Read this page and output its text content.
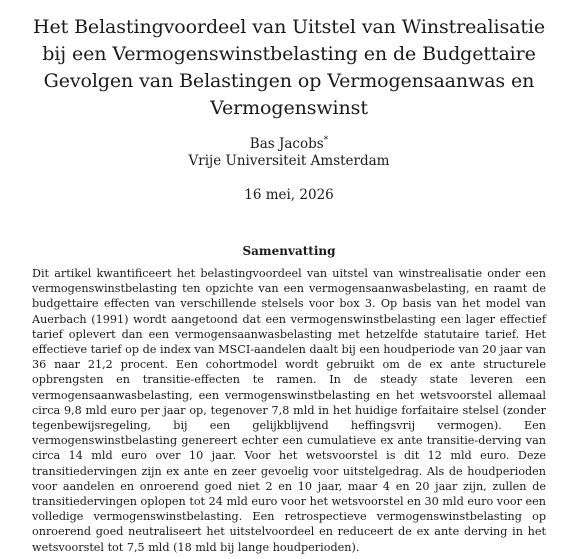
Het Belastingvoordeel van Uitstel van Winstrealisatie bij een Vermogenswinstbelasting en de Budgettaire Gevolgen van Belastingen op Vermogensaanwas en Vermogenswinst
Bas Jacobs*
Vrije Universiteit Amsterdam
16 mei, 2026
Samenvatting

Dit artikel kwantificeert het belastingvoordeel van uitstel van winstrealisatie onder een vermogenswinstbelasting ten opzichte van een vermogensaanwasbelasting, en raamt de budgettaire effecten van verschillende stelsels voor box 3. Op basis van het model van Auerbach (1991) wordt aangetoond dat een vermogenswinstbelasting een lager effectief tarief oplevert dan een vermogensaanwasbelasting met hetzelfde statutaire tarief. Het effectieve tarief op de index van MSCI-aandelen daalt bij een houdperiode van 20 jaar van 36 naar 21,2 procent. Een cohortmodel wordt gebruikt om de ex ante structurele opbrengsten en transitie-effecten te ramen. In de steady state leveren een vermogensaanwasbelasting, een vermogenswinstbelasting en het wetsvoorstel allemaal circa 9,8 mld euro per jaar op, tegenover 7,8 mld in het huidige forfaitaire stelsel (zonder tegenbewijsregeling, bij een gelijkblijvend heffingsvrij vermogen). Een vermogenswinstbelasting genereert echter een cumulatieve ex ante transitie-derving van circa 14 mld euro over 10 jaar. Voor het wetsvoorstel is dit 12 mld euro. Deze transitiedervingen zijn ex ante en zeer gevoelig voor uitstelgedrag. Als de houdperioden voor aandelen en onroerend goed niet 2 en 10 jaar, maar 4 en 20 jaar zijn, zullen de transitiedervingen oplopen tot 24 mld euro voor het wetsvoorstel en 30 mld euro voor een volledige vermogenswinstbelasting. Een retrospectieve vermogenswinstbelasting op onroerend goed neutraliseert het uitstelvoordeel en reduceert de ex ante derving in het wetsvoorstel tot 7,5 mld (18 mld bij lange houdperioden).
